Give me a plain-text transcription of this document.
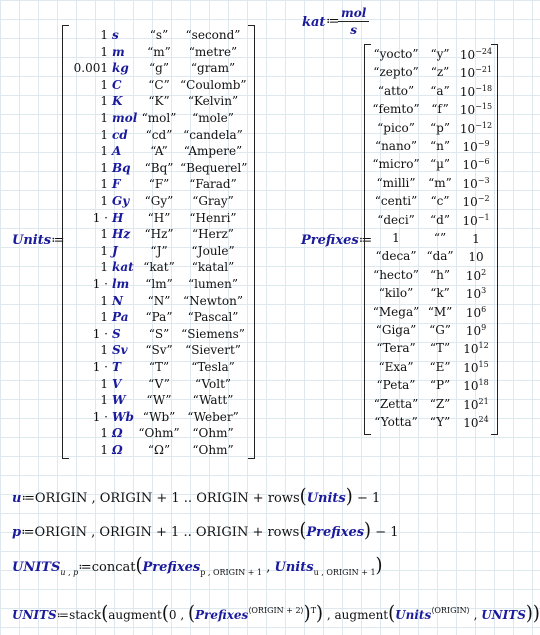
kat ≔
mol
s
Units≔
1 s	“s”	“second”
1 m	“m”	“metre”
0.001 kg	“g”	“gram”
1 C	“C” “Coulomb”
1 K	“K”	“Kelvin”
1 mol “mol”	“mole”
1 cd	“cd” “candela”
1 A	“A”	“Ampere”
1 Bq	“Bq” “Bequerel”
1 F	“F”	“Farad”
1 Gy	“Gy”	“Gray”
1 · H	“H”	“Henri”
1 Hz	“Hz”	“Herz”
1 J	“J”	“Joule”
1 kat “kat”	“katal”
1 · lm	“lm”	“lumen”
1 N	“N”	“Newton”
1 Pa	“Pa”	“Pascal”
1 · S	“S” “Siemens”
1 Sv	“Sv”	“Sievert”
1 · T	“T”	“Tesla”
1 V	“V”	“Volt”
1 W	“W”	“Watt”
1 · Wb “Wb” “Weber”
1 Ω	“Ohm”	“Ohm”
1 Ω	“Ω”	“Ohm”
Prefixes≔
“yocto” “y” $10^{-24}$
“zepto”	“z” $10^{-21}$
“atto”	“a” $10^{-18}$
“femto” “f” $10^{-15}$
“pico”	“p” $10^{-12}$
“nano”	“n”	$10^{-9}$
“micro” “µ”	$10^{-6}$
“milli”	“m” $10^{-3}$
“centi”	“c”	$10^{-2}$
“deci”	“d”	$10^{-1}$
1	“”	1
“deca” “da”	10
“hecto” “h”	$10^2$
“kilo”	“k”	$10^3$
“Mega” “M”	$10^6$
“Giga”	“G”	$10^9$
“Tera”	“T”	$10^{12}$
“Exa”	“E”	$10^{15}$
“Peta”	“P”	$10^{18}$
“Zetta” “Z”	$10^{21}$
“Yotta” “Y”	$10^{24}$
u≔ORIGIN , ORIGIN + 1 .. ORIGIN + rows(Units) − 1
p≔ORIGIN , ORIGIN + 1 .. ORIGIN + rows(Prefixes) − 1
$UNITS_{u , p}≔concat(Prefixes_{p , ORIGIN + 1}$ , Units$_{u , ORIGIN + 1}$)
UNITS≔stack(augment(0 , (Prefixes$^{⟨ORIGIN + 2⟩}$)$^T$) , augment(Units$^{⟨ORIGIN⟩}$ , UNITS))
